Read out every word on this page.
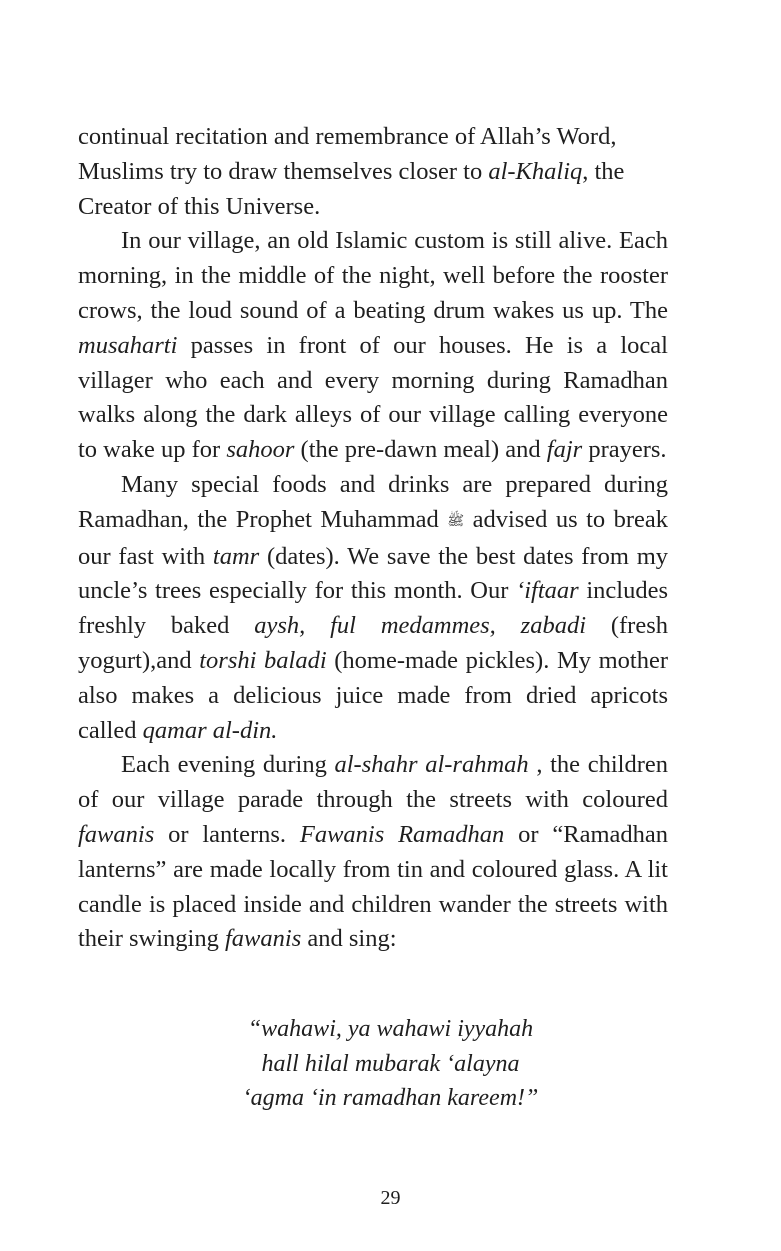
continual recitation and remembrance of Allah’s Word, Muslims try to draw themselves closer to al-Khaliq, the Creator of this Universe.

In our village, an old Islamic custom is still alive. Each morning, in the middle of the night, well before the rooster crows, the loud sound of a beating drum wakes us up. The musaharti passes in front of our houses. He is a local villager who each and every morning during Ramadhan walks along the dark alleys of our village calling everyone to wake up for sahoor (the pre-dawn meal) and fajr prayers.

Many special foods and drinks are prepared during Ramadhan, the Prophet Muhammad ﷺ advised us to break our fast with tamr (dates). We save the best dates from my uncle’s trees especially for this month. Our ‘iftaar includes freshly baked aysh, ful medammes, zabadi (fresh yogurt),and torshi baladi (home-made pickles). My mother also makes a delicious juice made from dried apricots called qamar al-din.

Each evening during al-shahr al-rahmah , the children of our village parade through the streets with coloured fawanis or lanterns. Fawanis Ramadhan or “Ramadhan lanterns” are made locally from tin and coloured glass. A lit candle is placed inside and children wander the streets with their swinging fawanis and sing:

“wahawi, ya wahawi iyyahah
hall hilal mubarak ‘alayna
‘agma ‘in ramadhan kareem!”
29
